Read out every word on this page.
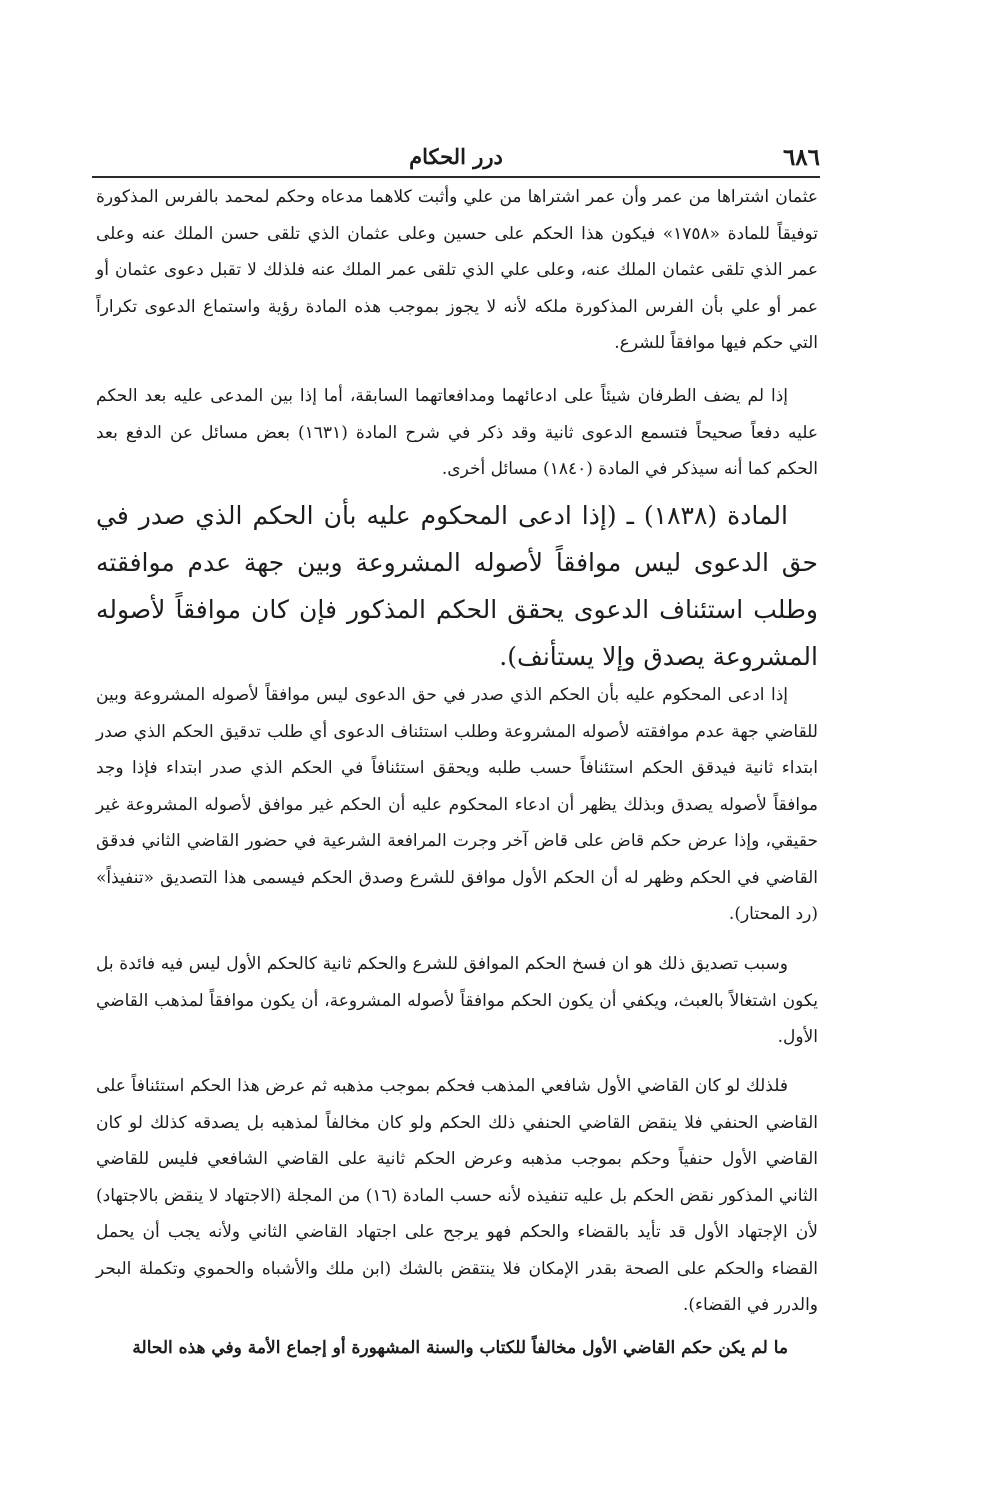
٦٨٦
درر الحكام

عثمان اشتراها من عمر وأن عمر اشتراها من علي وأثبت كلاهما مدعاه وحكم لمحمد بالفرس المذكورة توفيقاً للمادة «١٧٥٨» فيكون هذا الحكم على حسين وعلى عثمان الذي تلقى حسن الملك عنه وعلى عمر الذي تلقى عثمان الملك عنه، وعلى علي الذي تلقى عمر الملك عنه فلذلك لا تقبل دعوى عثمان أو عمر أو علي بأن الفرس المذكورة ملكه لأنه لا يجوز بموجب هذه المادة رؤية واستماع الدعوى تكراراً التي حكم فيها موافقاً للشرع.

إذا لم يضف الطرفان شيئاً على ادعائهما ومدافعاتهما السابقة، أما إذا بين المدعى عليه بعد الحكم عليه دفعاً صحيحاً فتسمع الدعوى ثانية وقد ذكر في شرح المادة (١٦٣١) بعض مسائل عن الدفع بعد الحكم كما أنه سيذكر في المادة (١٨٤٠) مسائل أخرى.

المادة (١٨٣٨) ـ (إذا ادعى المحكوم عليه بأن الحكم الذي صدر في حق الدعوى ليس موافقاً لأصوله المشروعة وبين جهة عدم موافقته وطلب استئناف الدعوى يحقق الحكم المذكور فإن كان موافقاً لأصوله المشروعة يصدق وإلا يستأنف).

إذا ادعى المحكوم عليه بأن الحكم الذي صدر في حق الدعوى ليس موافقاً لأصوله المشروعة وبين للقاضي جهة عدم موافقته لأصوله المشروعة وطلب استئناف الدعوى أي طلب تدقيق الحكم الذي صدر ابتداء ثانية فيدقق الحكم استئنافاً حسب طلبه ويحقق استئنافاً في الحكم الذي صدر ابتداء فإذا وجد موافقاً لأصوله يصدق وبذلك يظهر أن ادعاء المحكوم عليه أن الحكم غير موافق لأصوله المشروعة غير حقيقي، وإذا عرض حكم قاض على قاض آخر وجرت المرافعة الشرعية في حضور القاضي الثاني فدقق القاضي في الحكم وظهر له أن الحكم الأول موافق للشرع وصدق الحكم فيسمى هذا التصديق «تنفيذاً» (رد المحتار).

وسبب تصديق ذلك هو ان فسخ الحكم الموافق للشرع والحكم ثانية كالحكم الأول ليس فيه فائدة بل يكون اشتغالاً بالعبث، ويكفي أن يكون الحكم موافقاً لأصوله المشروعة، أن يكون موافقاً لمذهب القاضي الأول.

فلذلك لو كان القاضي الأول شافعي المذهب فحكم بموجب مذهبه ثم عرض هذا الحكم استئنافاً على القاضي الحنفي فلا ينقض القاضي الحنفي ذلك الحكم ولو كان مخالفاً لمذهبه بل يصدقه كذلك لو كان القاضي الأول حنفياً وحكم بموجب مذهبه وعرض الحكم ثانية على القاضي الشافعي فليس للقاضي الثاني المذكور نقض الحكم بل عليه تنفيذه لأنه حسب المادة (١٦) من المجلة (الاجتهاد لا ينقض بالاجتهاد) لأن الإجتهاد الأول قد تأيد بالقضاء والحكم فهو يرجح على اجتهاد القاضي الثاني ولأنه يجب أن يحمل القضاء والحكم على الصحة بقدر الإمكان فلا ينتقض بالشك (ابن ملك والأشباه والحموي وتكملة البحر والدرر في القضاء).

ما لم يكن حكم القاضي الأول مخالفاً للكتاب والسنة المشهورة أو إجماع الأمة وفي هذه الحالة
